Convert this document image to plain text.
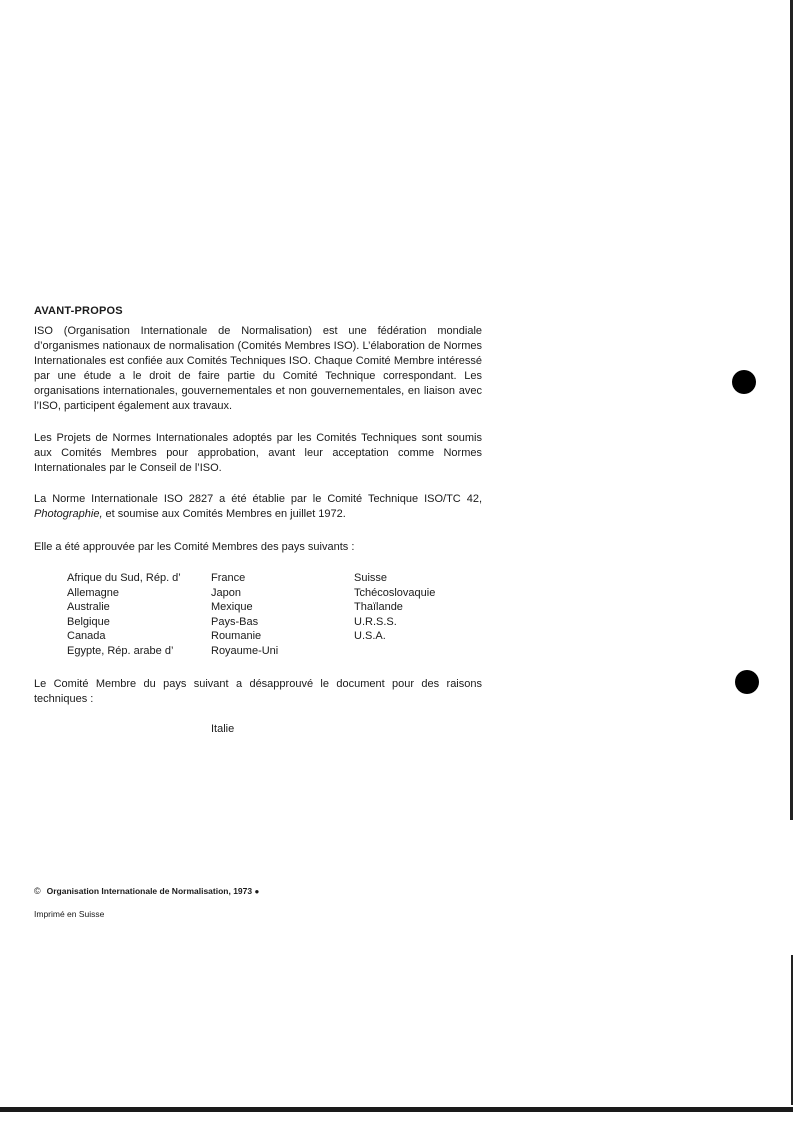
AVANT-PROPOS

ISO (Organisation Internationale de Normalisation) est une fédération mondiale d’organismes nationaux de normalisation (Comités Membres ISO). L’élaboration de Normes Internationales est confiée aux Comités Techniques ISO. Chaque Comité Membre intéressé par une étude a le droit de faire partie du Comité Technique correspondant. Les organisations internationales, gouvernementales et non gouvernementales, en liaison avec l’ISO, participent également aux travaux.

Les Projets de Normes Internationales adoptés par les Comités Techniques sont soumis aux Comités Membres pour approbation, avant leur acceptation comme Normes Internationales par le Conseil de l’ISO.

La Norme Internationale ISO 2827 a été établie par le Comité Technique ISO/TC 42, Photographie, et soumise aux Comités Membres en juillet 1972.

Elle a été approuvée par les Comité Membres des pays suivants :

Afrique du Sud, Rép. d’
Allemagne
Australie
Belgique
Canada
Egypte, Rép. arabe d’
France
Japon
Mexique
Pays-Bas
Roumanie
Royaume-Uni
Suisse
Tchécoslovaquie
Thaïlande
U.R.S.S.
U.S.A.

Le Comité Membre du pays suivant a désapprouvé le document pour des raisons techniques :

Italie
© Organisation Internationale de Normalisation, 1973 ●
Imprimé en Suisse
